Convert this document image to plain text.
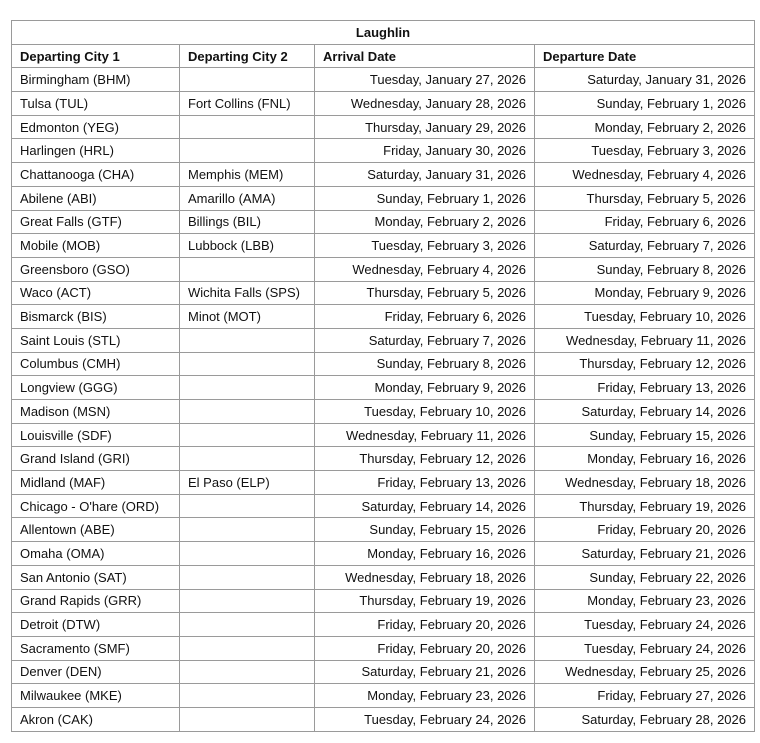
Laughlin			
Departing City 1	Departing City 2	Arrival Date	Departure Date
Birmingham (BHM)		Tuesday, January 27, 2026	Saturday, January 31, 2026
Tulsa (TUL)	Fort Collins (FNL)	Wednesday, January 28, 2026	Sunday, February 1, 2026
Edmonton (YEG)		Thursday, January 29, 2026	Monday, February 2, 2026
Harlingen (HRL)		Friday, January 30, 2026	Tuesday, February 3, 2026
Chattanooga (CHA)	Memphis (MEM)	Saturday, January 31, 2026	Wednesday, February 4, 2026
Abilene (ABI)	Amarillo (AMA)	Sunday, February 1, 2026	Thursday, February 5, 2026
Great Falls (GTF)	Billings (BIL)	Monday, February 2, 2026	Friday, February 6, 2026
Mobile (MOB)	Lubbock (LBB)	Tuesday, February 3, 2026	Saturday, February 7, 2026
Greensboro (GSO)		Wednesday, February 4, 2026	Sunday, February 8, 2026
Waco (ACT)	Wichita Falls (SPS)	Thursday, February 5, 2026	Monday, February 9, 2026
Bismarck (BIS)	Minot (MOT)	Friday, February 6, 2026	Tuesday, February 10, 2026
Saint Louis (STL)		Saturday, February 7, 2026	Wednesday, February 11, 2026
Columbus (CMH)		Sunday, February 8, 2026	Thursday, February 12, 2026
Longview (GGG)		Monday, February 9, 2026	Friday, February 13, 2026
Madison (MSN)		Tuesday, February 10, 2026	Saturday, February 14, 2026
Louisville (SDF)		Wednesday, February 11, 2026	Sunday, February 15, 2026
Grand Island (GRI)		Thursday, February 12, 2026	Monday, February 16, 2026
Midland (MAF)	El Paso (ELP)	Friday, February 13, 2026	Wednesday, February 18, 2026
Chicago - O'hare (ORD)		Saturday, February 14, 2026	Thursday, February 19, 2026
Allentown (ABE)		Sunday, February 15, 2026	Friday, February 20, 2026
Omaha (OMA)		Monday, February 16, 2026	Saturday, February 21, 2026
San Antonio (SAT)		Wednesday, February 18, 2026	Sunday, February 22, 2026
Grand Rapids (GRR)		Thursday, February 19, 2026	Monday, February 23, 2026
Detroit (DTW)		Friday, February 20, 2026	Tuesday, February 24, 2026
Sacramento (SMF)		Friday, February 20, 2026	Tuesday, February 24, 2026
Denver (DEN)		Saturday, February 21, 2026	Wednesday, February 25, 2026
Milwaukee (MKE)		Monday, February 23, 2026	Friday, February 27, 2026
Akron (CAK)		Tuesday, February 24, 2026	Saturday, February 28, 2026
